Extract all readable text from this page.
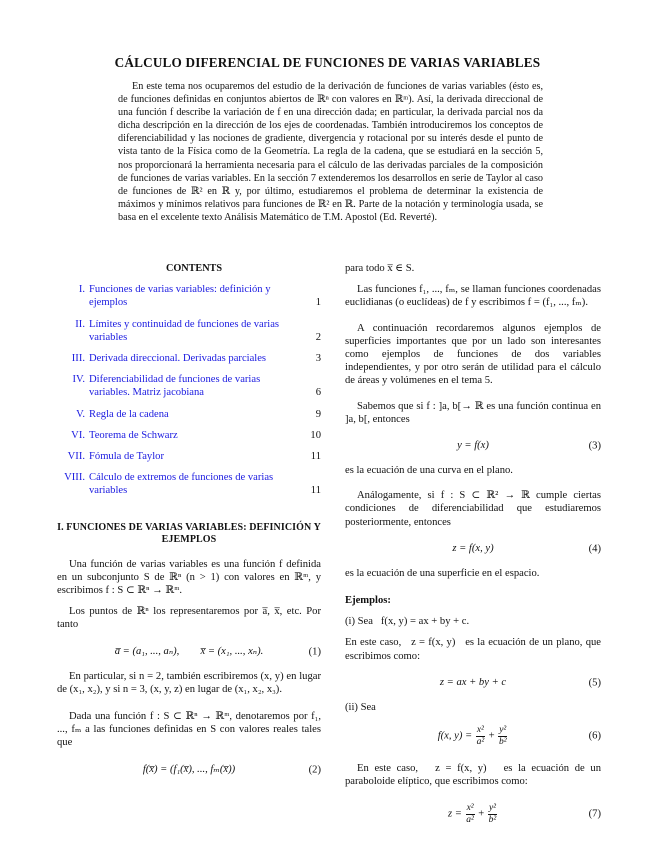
CÁLCULO DIFERENCIAL DE FUNCIONES DE VARIAS VARIABLES
En este tema nos ocuparemos del estudio de la derivación de funciones de varias variables (ésto es, de funciones definidas en conjuntos abiertos de ℝⁿ con valores en ℝᵐ). Así, la derivada direccional de una función f describe la variación de f en una dirección dada; en particular, la derivada parcial nos da dicha descripción en la dirección de los ejes de coordenadas. También introduciremos los conceptos de diferenciabilidad y las nociones de gradiente, divergencia y rotacional por su interés desde el punto de vista tanto de la Física como de la Geometría. La regla de la cadena, que se estudiará en la sección 5, nos proporcionará la herramienta necesaria para el cálculo de las derivadas parciales de la composición de funciones de varias variables. En la sección 7 extenderemos los desarrollos en serie de Taylor al caso de funciones de ℝ² en ℝ y, por último, estudiaremos el problema de determinar la existencia de máximos y mínimos relativos para funciones de ℝ² en ℝ. Parte de la notación y terminología usada, se basa en el excelente texto Análisis Matemático de T.M. Apostol (Ed. Reverté).
CONTENTS
I. Funciones de varias variables: definición y ejemplos	1
II. Límites y continuidad de funciones de varias variables	2
III. Derivada direccional. Derivadas parciales	3
IV. Diferenciabilidad de funciones de varias variables. Matriz jacobiana	6
V. Regla de la cadena	9
VI. Teorema de Schwarz	10
VII. Fómula de Taylor	11
VIII. Cálculo de extremos de funciones de varias variables	11
I. FUNCIONES DE VARIAS VARIABLES: DEFINICIÓN Y EJEMPLOS

Una función de varias variables es una función f definida en un subconjunto S de ℝⁿ (n > 1) con valores en ℝᵐ, y escribimos f : S ⊂ ℝⁿ → ℝᵐ.

Los puntos de ℝⁿ los representaremos por a̅, x̅, etc. Por tanto

a̅ = (a₁, ..., aₙ),        x̅ = (x₁, ..., xₙ).	(1)

En particular, si n = 2, también escribiremos (x, y) en lugar de (x₁, x₂), y si n = 3, (x, y, z) en lugar de (x₁, x₂, x₃).

Dada una función f : S ⊂ ℝⁿ → ℝᵐ, denotaremos por f₁, ..., fₘ a las funciones definidas en S con valores reales tales que

f(x̅) = (f₁(x̅), ..., fₘ(x̅))	(2)

para todo x̅ ∈ S.

Las funciones f₁, ..., fₘ, se llaman funciones coordenadas euclidianas (o euclídeas) de f y escribimos f = (f₁, ..., fₘ).

A continuación recordaremos algunos ejemplos de superficies importantes que por un lado son interesantes como ejemplos de funciones de dos variables independientes, y por otro serán de utilidad para el cálculo de áreas y volúmenes en el tema 5.

Sabemos que si f : ]a, b[→ ℝ es una función continua en ]a, b[, entonces

y = f(x)	(3)

es la ecuación de una curva en el plano.

Análogamente, si f : S ⊂ ℝ² → ℝ cumple ciertas condiciones de diferenciabilidad que estudiaremos posteriormente, entonces

z = f(x, y)	(4)

es la ecuación de una superficie en el espacio.

Ejemplos:

(i) Sea   f(x, y) = ax + by + c.

En este caso,   z = f(x, y)   es la ecuación de un plano, que escribimos como:

z = ax + by + c	(5)

(ii) Sea

f(x, $y) = \frac{\text{x²}}{\text{a²}} + \frac{\text{y²}}{\text{b²}}$	(6)

En este caso,   z = f(x, y)   es la ecuación de un paraboloide elíptico, que escribimos como:

$z = \frac{\text{x²}}{\text{a²}} + \frac{\text{y²}}{\text{b²}}$	(7)
